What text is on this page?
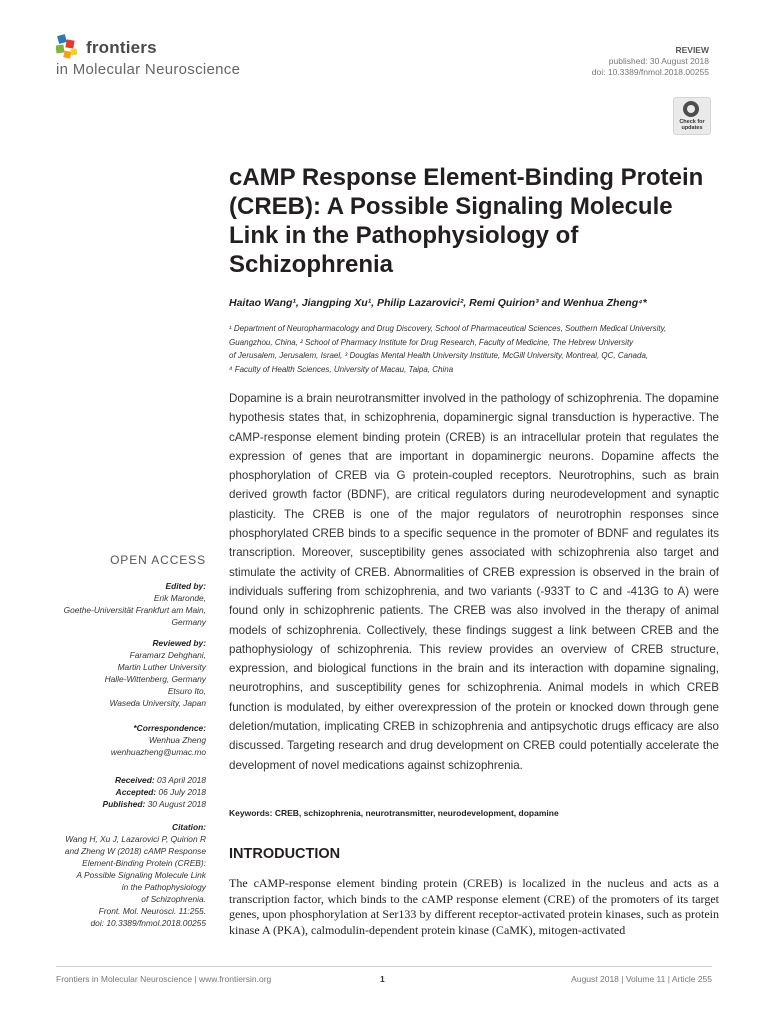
frontiers
in Molecular Neuroscience
REVIEW
published: 30 August 2018
doi: 10.3389/fnmol.2018.00255
Check for
updates
cAMP Response Element-Binding Protein (CREB): A Possible Signaling Molecule Link in the Pathophysiology of Schizophrenia
Haitao Wang¹, Jiangping Xu¹, Philip Lazarovici², Remi Quirion³ and Wenhua Zheng⁴*

¹ Department of Neuropharmacology and Drug Discovery, School of Pharmaceutical Sciences, Southern Medical University,

Guangzhou, China, ² School of Pharmacy Institute for Drug Research, Faculty of Medicine, The Hebrew University

of Jerusalem, Jerusalem, Israel, ³ Douglas Mental Health University Institute, McGill University, Montreal, QC, Canada,

⁴ Faculty of Health Sciences, University of Macau, Taipa, China

Dopamine is a brain neurotransmitter involved in the pathology of schizophrenia. The dopamine hypothesis states that, in schizophrenia, dopaminergic signal transduction is hyperactive. The cAMP-response element binding protein (CREB) is an intracellular protein that regulates the expression of genes that are important in dopaminergic neurons. Dopamine affects the phosphorylation of CREB via G protein-coupled receptors. Neurotrophins, such as brain derived growth factor (BDNF), are critical regulators during neurodevelopment and synaptic plasticity. The CREB is one of the major regulators of neurotrophin responses since phosphorylated CREB binds to a specific sequence in the promoter of BDNF and regulates its transcription. Moreover, susceptibility genes associated with schizophrenia also target and stimulate the activity of CREB. Abnormalities of CREB expression is observed in the brain of individuals suffering from schizophrenia, and two variants (-933T to C and -413G to A) were found only in schizophrenic patients. The CREB was also involved in the therapy of animal models of schizophrenia. Collectively, these findings suggest a link between CREB and the pathophysiology of schizophrenia. This review provides an overview of CREB structure, expression, and biological functions in the brain and its interaction with dopamine signaling, neurotrophins, and susceptibility genes for schizophrenia. Animal models in which CREB function is modulated, by either overexpression of the protein or knocked down through gene deletion/mutation, implicating CREB in schizophrenia and antipsychotic drugs efficacy are also discussed. Targeting research and drug development on CREB could potentially accelerate the development of novel medications against schizophrenia.
Keywords: CREB, schizophrenia, neurotransmitter, neurodevelopment, dopamine
INTRODUCTION
The cAMP-response element binding protein (CREB) is localized in the nucleus and acts as a transcription factor, which binds to the cAMP response element (CRE) of the promoters of its target genes, upon phosphorylation at Ser133 by different receptor-activated protein kinases, such as protein kinase A (PKA), calmodulin-dependent protein kinase (CaMK), mitogen-activated
OPEN ACCESS

Edited by:

Erik Maronde,

Goethe-Universität Frankfurt am Main,

Germany

Reviewed by:

Faramarz Dehghani,

Martin Luther University

Halle-Wittenberg, Germany

Etsuro Ito,

Waseda University, Japan

*Correspondence:

Wenhua Zheng

wenhuazheng@umac.mo

Received: 03 April 2018

Accepted: 06 July 2018

Published: 30 August 2018

Citation:

Wang H, Xu J, Lazarovici P, Quirion R

and Zheng W (2018) cAMP Response

Element-Binding Protein (CREB):

A Possible Signaling Molecule Link

in the Pathophysiology

of Schizophrenia.

Front. Mol. Neurosci. 11:255.

doi: 10.3389/fnmol.2018.00255

Frontiers in Molecular Neuroscience | www.frontiersin.org	1	August 2018 | Volume 11 | Article 255
